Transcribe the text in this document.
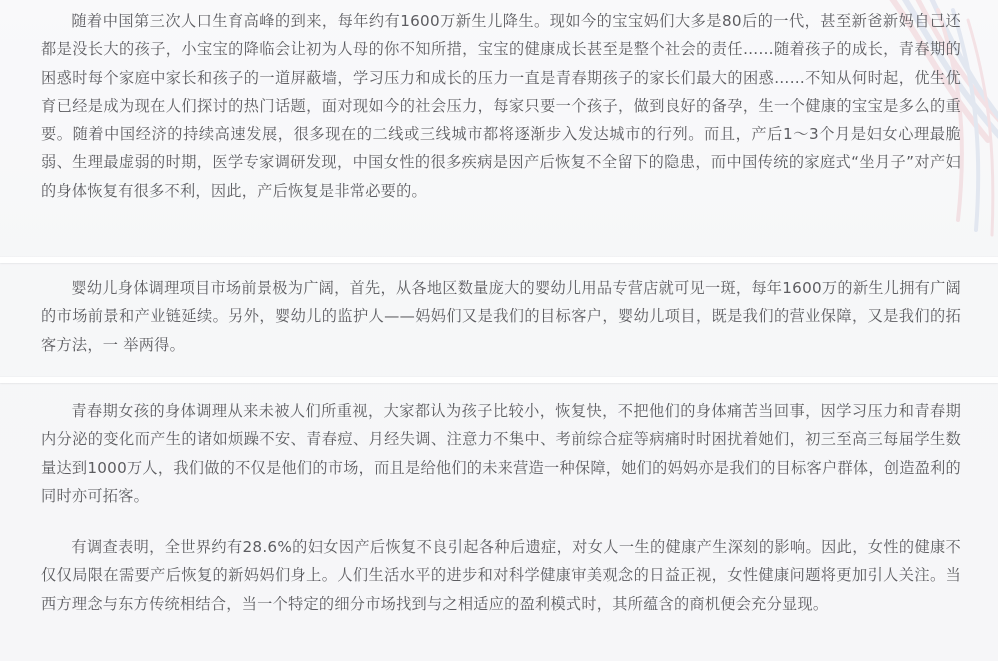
随着中国第三次人口生育高峰的到来，每年约有1600万新生儿降生。现如今的宝宝妈们大多是80后的一代，甚至新爸新妈自己还都是没长大的孩子，小宝宝的降临会让初为人母的你不知所措，宝宝的健康成长甚至是整个社会的责任……随着孩子的成长，青春期的困惑时每个家庭中家长和孩子的一道屏蔽墙，学习压力和成长的压力一直是青春期孩子的家长们最大的困惑……不知从何时起，优生优育已经是成为现在人们探讨的热门话题，面对现如今的社会压力，每家只要一个孩子，做到良好的备孕，生一个健康的宝宝是多么的重要。随着中国经济的持续高速发展，很多现在的二线或三线城市都将逐渐步入发达城市的行列。而且，产后1～3个月是妇女心理最脆弱、生理最虚弱的时期，医学专家调研发现，中国女性的很多疾病是因产后恢复不全留下的隐患，而中国传统的家庭式“坐月子”对产妇的身体恢复有很多不利，因此，产后恢复是非常必要的。

婴幼儿身体调理项目市场前景极为广阔，首先，从各地区数量庞大的婴幼儿用品专营店就可见一斑，每年1600万的新生儿拥有广阔的市场前景和产业链延续。另外，婴幼儿的监护人——妈妈们又是我们的目标客户，婴幼儿项目，既是我们的营业保障，又是我们的拓客方法，一 举两得。

青春期女孩的身体调理从来未被人们所重视，大家都认为孩子比较小，恢复快，不把他们的身体痛苦当回事，因学习压力和青春期内分泌的变化而产生的诸如烦躁不安、青春痘、月经失调、注意力不集中、考前综合症等病痛时时困扰着她们，初三至高三每届学生数量达到1000万人，我们做的不仅是他们的市场，而且是给他们的未来营造一种保障，她们的妈妈亦是我们的目标客户群体，创造盈利的同时亦可拓客。

有调查表明，全世界约有28.6%的妇女因产后恢复不良引起各种后遗症，对女人一生的健康产生深刻的影响。因此，女性的健康不仅仅局限在需要产后恢复的新妈妈们身上。人们生活水平的进步和对科学健康审美观念的日益正视，女性健康问题将更加引人关注。当西方理念与东方传统相结合，当一个特定的细分市场找到与之相适应的盈利模式时，其所蕴含的商机便会充分显现。
